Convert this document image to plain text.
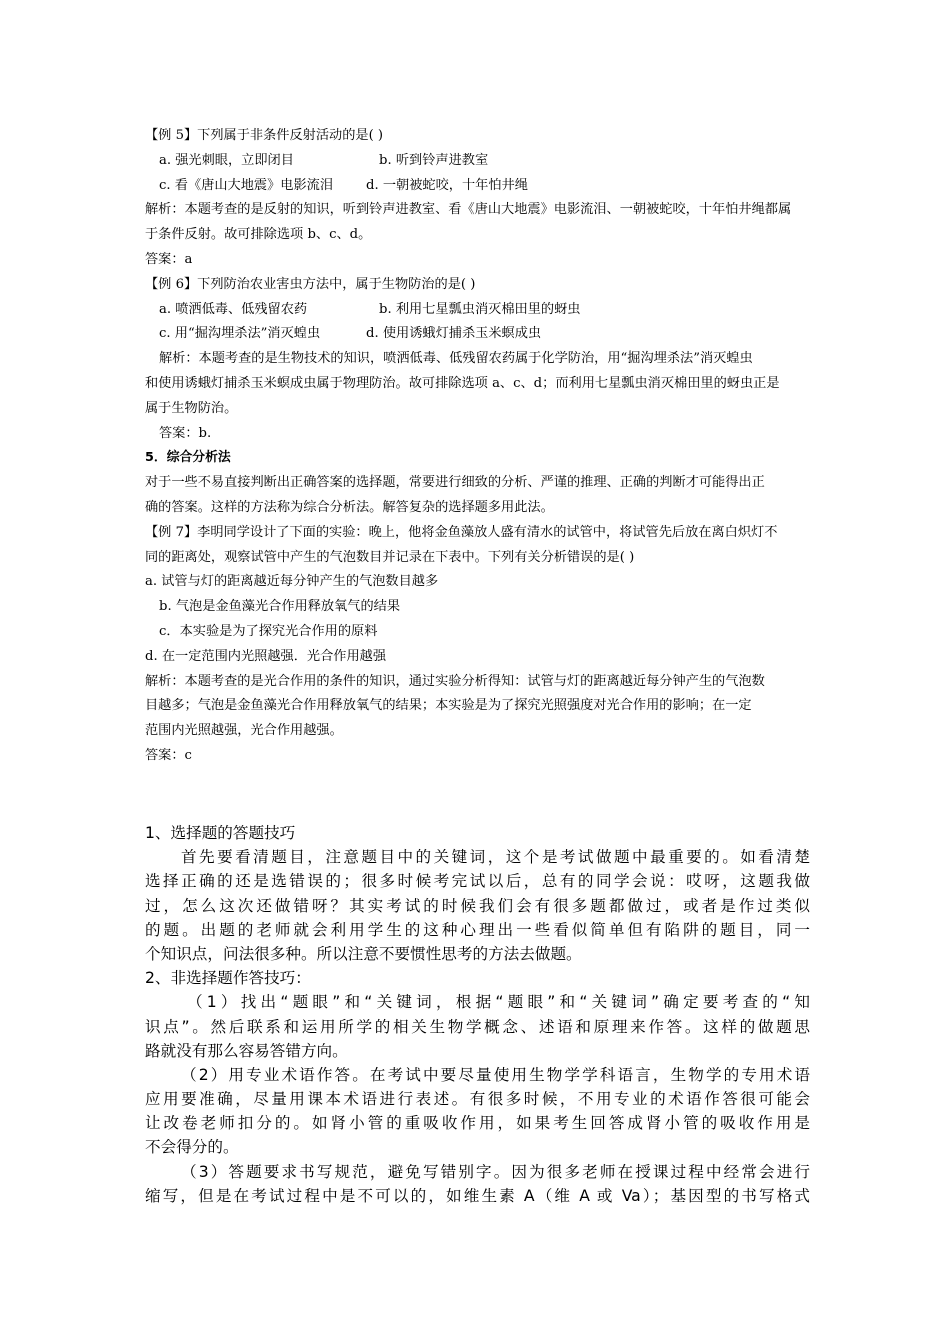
【例 5】下列属于非条件反射活动的是( )
a. 强光刺眼，立即闭目	b. 听到铃声进教室
c. 看《唐山大地震》电影流泪 d. 一朝被蛇咬，十年怕井绳
解析：本题考查的是反射的知识，听到铃声进教室、看《唐山大地震》电影流泪、一朝被蛇咬，十年怕井绳都属
于条件反射。故可排除选项 b、c、d。
答案：a
【例 6】下列防治农业害虫方法中，属于生物防治的是( )
a. 喷洒低毒、低残留农药	b. 利用七星瓢虫消灭棉田里的蚜虫
c. 用“掘沟埋杀法”消灭蝗虫	d. 使用诱蛾灯捕杀玉米螟成虫
解析：本题考查的是生物技术的知识，喷洒低毒、低残留农药属于化学防治，用“掘沟埋杀法”消灭蝗虫
和使用诱蛾灯捕杀玉米螟成虫属于物理防治。故可排除选项 a、c、d；而利用七星瓢虫消灭棉田里的蚜虫正是
属于生物防治。
答案：b.
5．综合分析法
对于一些不易直接判断出正确答案的选择题，常要进行细致的分析、严谨的推理、正确的判断才可能得出正
确的答案。这样的方法称为综合分析法。解答复杂的选择题多用此法。
【例 7】李明同学设计了下面的实验：晚上，他将金鱼藻放人盛有清水的试管中，将试管先后放在离白炽灯不
同的距离处，观察试管中产生的气泡数目并记录在下表中。下列有关分析错误的是( )
a. 试管与灯的距离越近每分钟产生的气泡数目越多
b. 气泡是金鱼藻光合作用释放氧气的结果
c．本实验是为了探究光合作用的原料
d. 在一定范围内光照越强．光合作用越强
解析：本题考查的是光合作用的条件的知识，通过实验分析得知：试管与灯的距离越近每分钟产生的气泡数
目越多；气泡是金鱼藻光合作用释放氧气的结果；本实验是为了探究光照强度对光合作用的影响；在一定
范围内光照越强，光合作用越强。
答案：c
1、选择题的答题技巧
首先要看清题目，注意题目中的关键词，这个是考试做题中最重要的。如看清楚
选择正确的还是选错误的；很多时候考完试以后，总有的同学会说：哎呀，这题我做
过，怎么这次还做错呀？其实考试的时候我们会有很多题都做过，或者是作过类似
的题。出题的老师就会利用学生的这种心理出一些看似简单但有陷阱的题目，同一
个知识点，问法很多种。所以注意不要惯性思考的方法去做题。
2、非选择题作答技巧：
（1）找出“题眼”和“关键词，根据“题眼”和“关键词”确定要考查的“知
识点”。然后联系和运用所学的相关生物学概念、述语和原理来作答。这样的做题思
路就没有那么容易答错方向。
（2）用专业术语作答。在考试中要尽量使用生物学学科语言，生物学的专用术语
应用要准确，尽量用课本术语进行表述。有很多时候，不用专业的术语作答很可能会
让改卷老师扣分的。如肾小管的重吸收作用，如果考生回答成肾小管的吸收作用是
不会得分的。
（3）答题要求书写规范，避免写错别字。因为很多老师在授课过程中经常会进行
缩写，但是在考试过程中是不可以的，如维生素 A（维 A 或 Va）；基因型的书写格式
